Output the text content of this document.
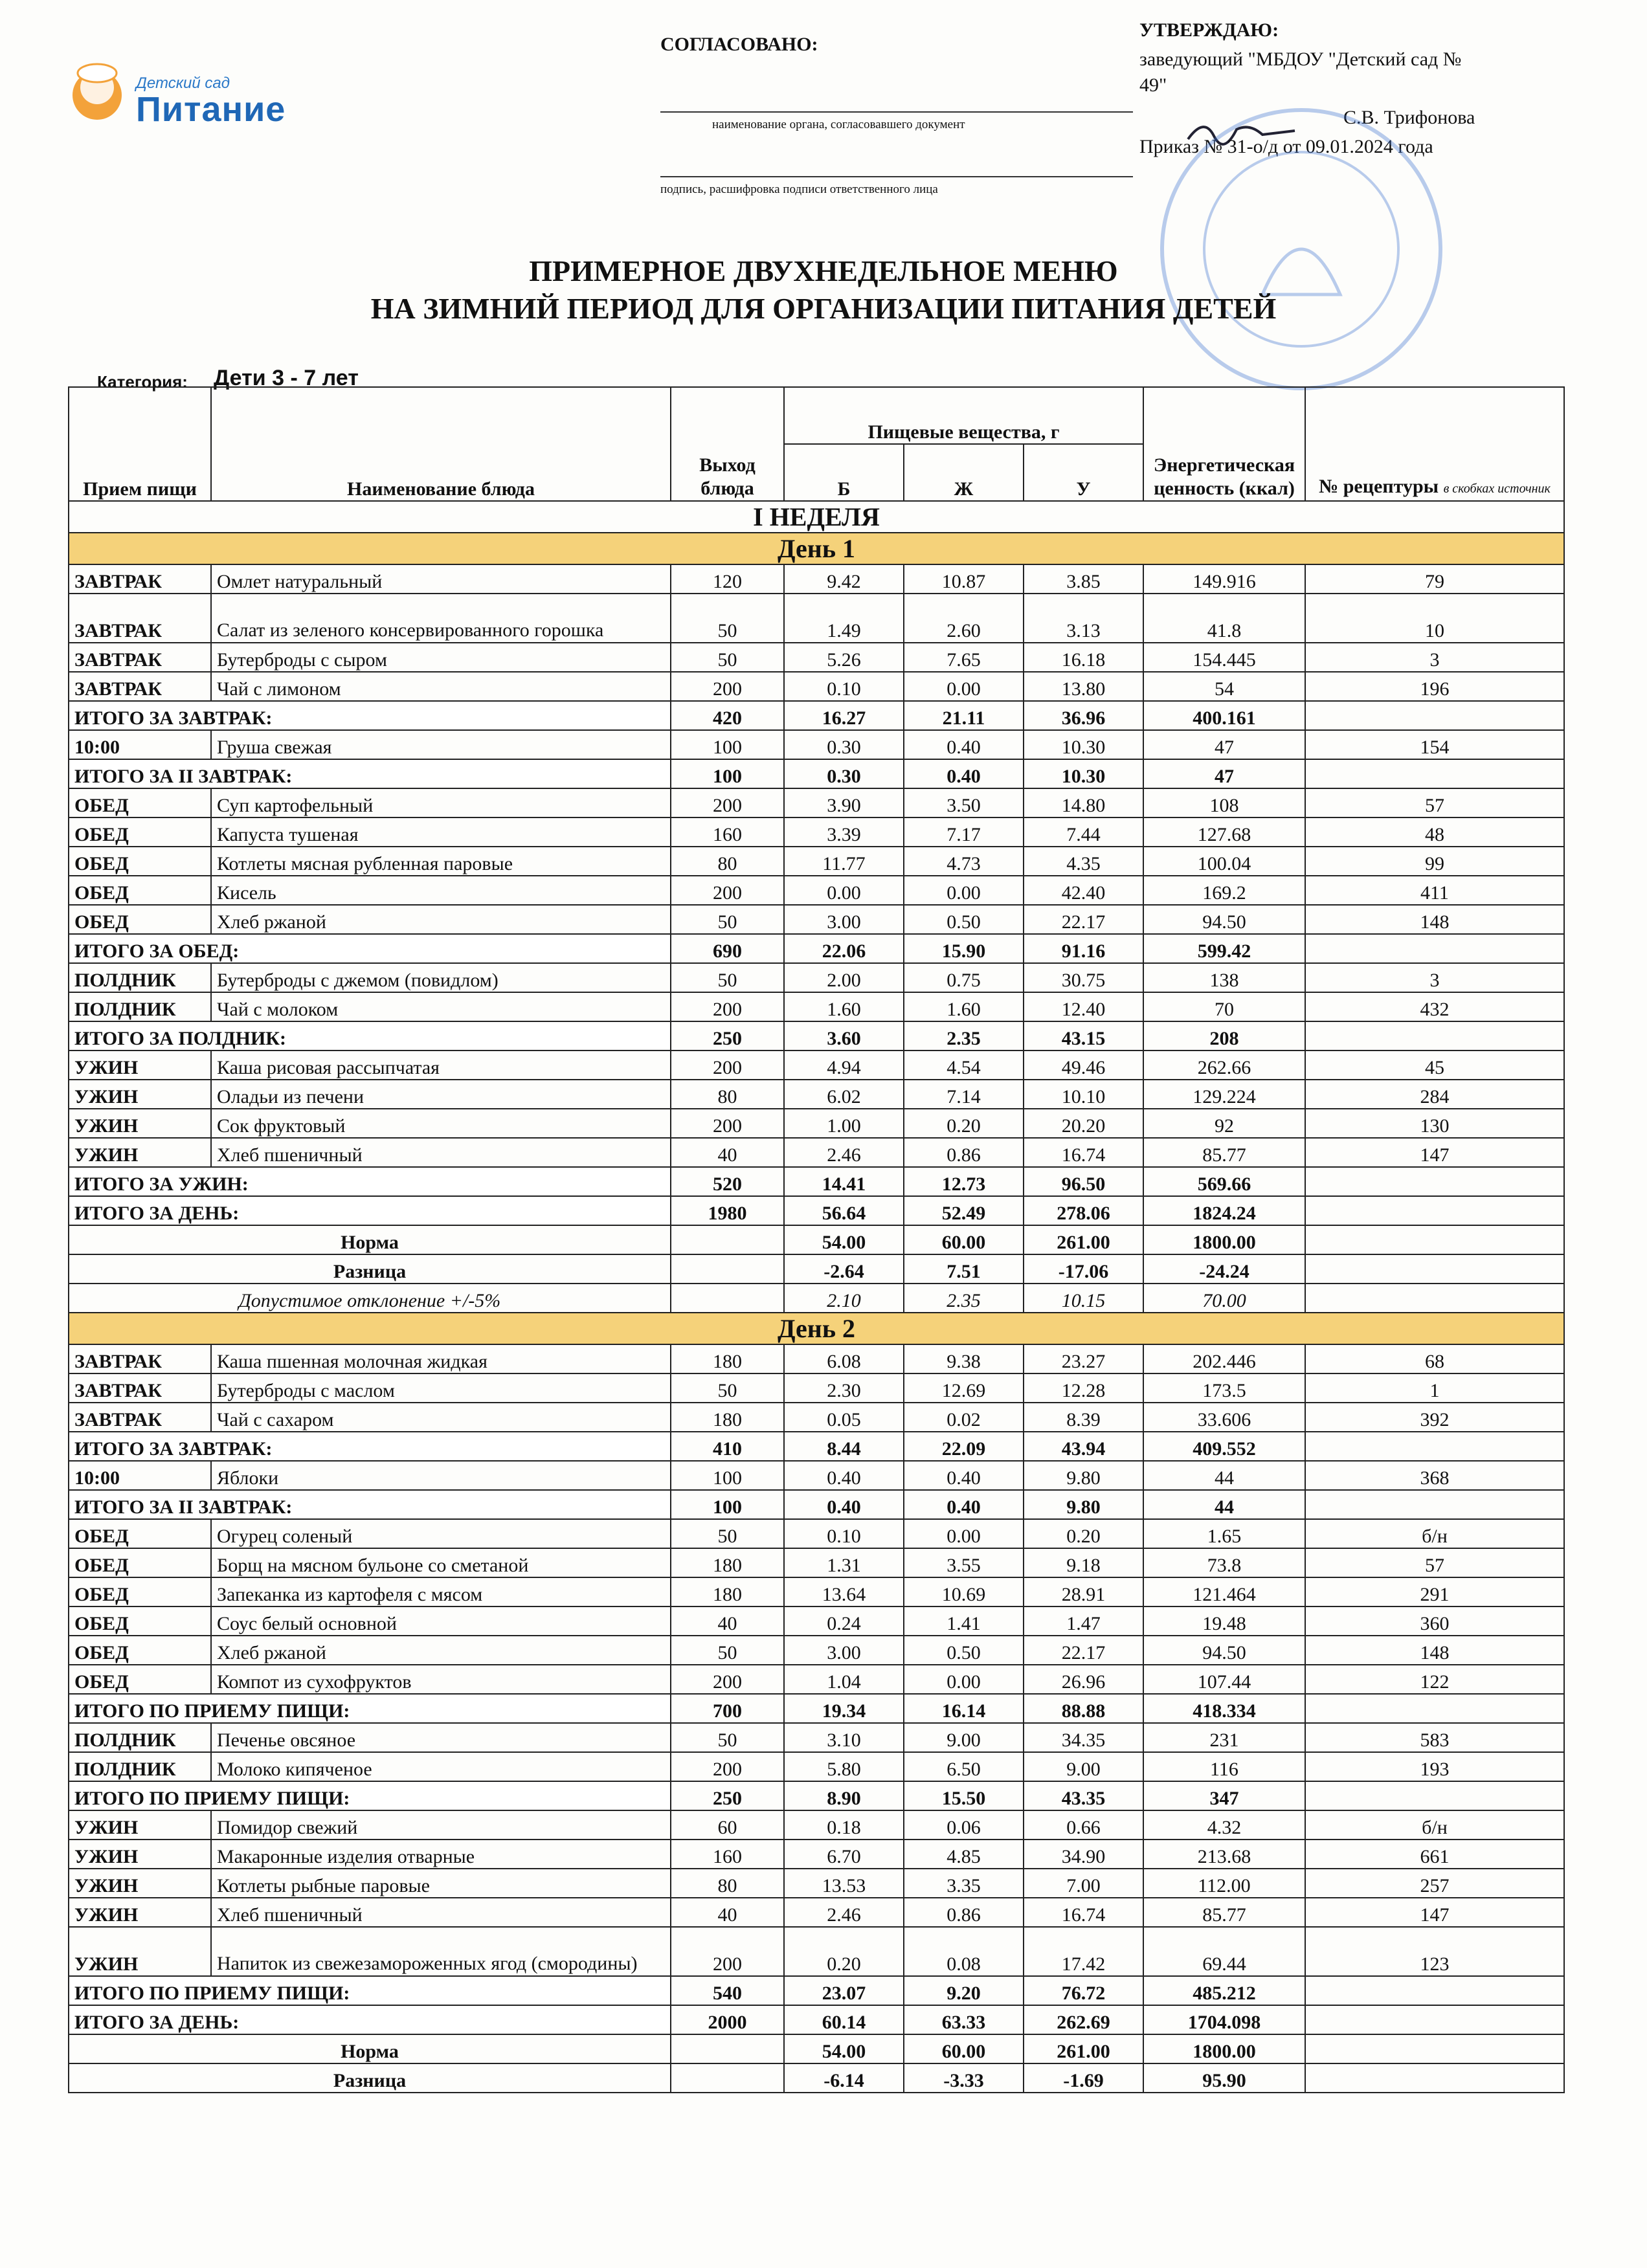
Детский сад
Питание
СОГЛАСОВАНО:
наименование органа, согласовавшего документ
подпись, расшифровка подписи ответственного лица
УТВЕРЖДАЮ:
заведующий "МБДОУ "Детский сад №
49"
С.В. Трифонова
Приказ № 31-о/д от 09.01.2024 года
ПРИМЕРНОЕ ДВУХНЕДЕЛЬНОЕ МЕНЮ
НА ЗИМНИЙ ПЕРИОД ДЛЯ ОРГАНИЗАЦИИ ПИТАНИЯ ДЕТЕЙ
Категория: Дети 3 - 7 лет
Прием пищи	Наименование блюда	Выход блюда	Пищевые вещества, г			Энергетическая ценность (ккал)	№ рецептуры в скобках источник
			Б	Ж	У		
I НЕДЕЛЯ							
День 1							
ЗАВТРАК	Омлет натуральный	120	9.42	10.87	3.85	149.916	79
ЗАВТРАК	Салат из зеленого консервированного горошка	50	1.49	2.60	3.13	41.8	10
ЗАВТРАК	Бутерброды с сыром	50	5.26	7.65	16.18	154.445	3
ЗАВТРАК	Чай с лимоном	200	0.10	0.00	13.80	54	196
ИТОГО ЗА ЗАВТРАК:		420	16.27	21.11	36.96	400.161	
10:00	Груша свежая	100	0.30	0.40	10.30	47	154
ИТОГО ЗА II ЗАВТРАК:		100	0.30	0.40	10.30	47	
ОБЕД	Суп картофельный	200	3.90	3.50	14.80	108	57
ОБЕД	Капуста тушеная	160	3.39	7.17	7.44	127.68	48
ОБЕД	Котлеты мясная рубленная паровые	80	11.77	4.73	4.35	100.04	99
ОБЕД	Кисель	200	0.00	0.00	42.40	169.2	411
ОБЕД	Хлеб ржаной	50	3.00	0.50	22.17	94.50	148
ИТОГО ЗА ОБЕД:		690	22.06	15.90	91.16	599.42	
ПОЛДНИК	Бутерброды с джемом (повидлом)	50	2.00	0.75	30.75	138	3
ПОЛДНИК	Чай с молоком	200	1.60	1.60	12.40	70	432
ИТОГО ЗА ПОЛДНИК:		250	3.60	2.35	43.15	208	
УЖИН	Каша рисовая рассыпчатая	200	4.94	4.54	49.46	262.66	45
УЖИН	Оладьи из печени	80	6.02	7.14	10.10	129.224	284
УЖИН	Сок фруктовый	200	1.00	0.20	20.20	92	130
УЖИН	Хлеб пшеничный	40	2.46	0.86	16.74	85.77	147
ИТОГО ЗА УЖИН:		520	14.41	12.73	96.50	569.66	
ИТОГО ЗА ДЕНЬ:		1980	56.64	52.49	278.06	1824.24	
Норма			54.00	60.00	261.00	1800.00	
Разница			-2.64	7.51	-17.06	-24.24	
Допустимое отклонение +/-5%			2.10	2.35	10.15	70.00	
День 2							
ЗАВТРАК	Каша пшенная молочная жидкая	180	6.08	9.38	23.27	202.446	68
ЗАВТРАК	Бутерброды с маслом	50	2.30	12.69	12.28	173.5	1
ЗАВТРАК	Чай с сахаром	180	0.05	0.02	8.39	33.606	392
ИТОГО ЗА ЗАВТРАК:		410	8.44	22.09	43.94	409.552	
10:00	Яблоки	100	0.40	0.40	9.80	44	368
ИТОГО ЗА II ЗАВТРАК:		100	0.40	0.40	9.80	44	
ОБЕД	Огурец соленый	50	0.10	0.00	0.20	1.65	б/н
ОБЕД	Борщ на мясном бульоне со сметаной	180	1.31	3.55	9.18	73.8	57
ОБЕД	Запеканка из картофеля с мясом	180	13.64	10.69	28.91	121.464	291
ОБЕД	Соус белый основной	40	0.24	1.41	1.47	19.48	360
ОБЕД	Хлеб ржаной	50	3.00	0.50	22.17	94.50	148
ОБЕД	Компот из сухофруктов	200	1.04	0.00	26.96	107.44	122
ИТОГО ПО ПРИЕМУ ПИЩИ:		700	19.34	16.14	88.88	418.334	
ПОЛДНИК	Печенье овсяное	50	3.10	9.00	34.35	231	583
ПОЛДНИК	Молоко кипяченое	200	5.80	6.50	9.00	116	193
ИТОГО ПО ПРИЕМУ ПИЩИ:		250	8.90	15.50	43.35	347	
УЖИН	Помидор свежий	60	0.18	0.06	0.66	4.32	б/н
УЖИН	Макаронные изделия отварные	160	6.70	4.85	34.90	213.68	661
УЖИН	Котлеты рыбные паровые	80	13.53	3.35	7.00	112.00	257
УЖИН	Хлеб пшеничный	40	2.46	0.86	16.74	85.77	147
УЖИН	Напиток из свежезамороженных ягод (смородины)	200	0.20	0.08	17.42	69.44	123
ИТОГО ПО ПРИЕМУ ПИЩИ:		540	23.07	9.20	76.72	485.212	
ИТОГО ЗА ДЕНЬ:		2000	60.14	63.33	262.69	1704.098	
Норма			54.00	60.00	261.00	1800.00	
Разница			-6.14	-3.33	-1.69	95.90	
